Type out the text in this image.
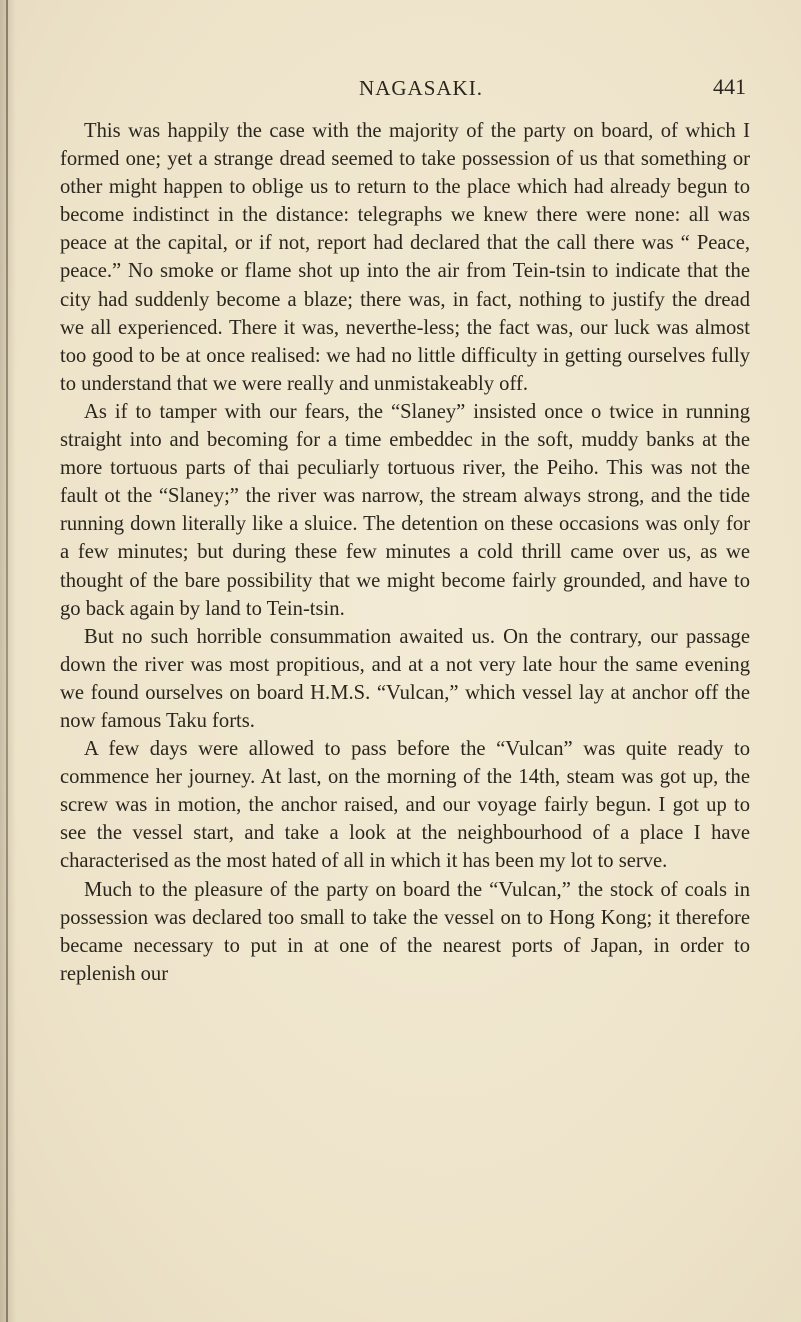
NAGASAKI.	441

This was happily the case with the majority of the party on board, of which I formed one; yet a strange dread seemed to take possession of us that something or other might happen to oblige us to return to the place which had already begun to become indistinct in the distance: telegraphs we knew there were none: all was peace at the capital, or if not, report had declared that the call there was “ Peace, peace.” No smoke or flame shot up into the air from Tein-tsin to indicate that the city had suddenly become a blaze; there was, in fact, nothing to justify the dread we all experienced. There it was, neverthe-less; the fact was, our luck was almost too good to be at once realised: we had no little difficulty in getting ourselves fully to understand that we were really and unmistakeably off.

As if to tamper with our fears, the “Slaney” insisted once o twice in running straight into and becoming for a time embeddec in the soft, muddy banks at the more tortuous parts of thai peculiarly tortuous river, the Peiho. This was not the fault ot the “Slaney;” the river was narrow, the stream always strong, and the tide running down literally like a sluice. The detention on these occasions was only for a few minutes; but during these few minutes a cold thrill came over us, as we thought of the bare possibility that we might become fairly grounded, and have to go back again by land to Tein-tsin.

But no such horrible consummation awaited us. On the contrary, our passage down the river was most propitious, and at a not very late hour the same evening we found ourselves on board H.M.S. “Vulcan,” which vessel lay at anchor off the now famous Taku forts.

A few days were allowed to pass before the “Vulcan” was quite ready to commence her journey. At last, on the morning of the 14th, steam was got up, the screw was in motion, the anchor raised, and our voyage fairly begun. I got up to see the vessel start, and take a look at the neighbourhood of a place I have characterised as the most hated of all in which it has been my lot to serve.

Much to the pleasure of the party on board the “Vulcan,” the stock of coals in possession was declared too small to take the vessel on to Hong Kong; it therefore became necessary to put in at one of the nearest ports of Japan, in order to replenish our
